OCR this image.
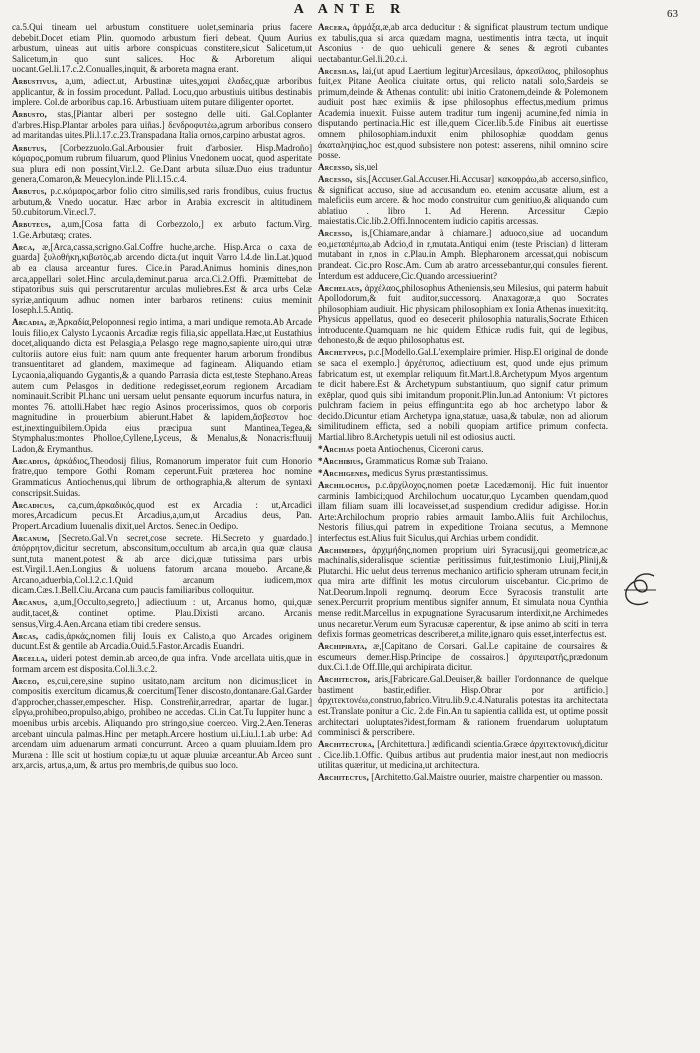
A ANTE R	63

ca.5.Qui tineam uel arbustum constituere uolet,seminaria prius facere debebit.Docet etiam Plin. quomodo arbustum fieri debeat. Quum Aurius arbustum, uineas aut uitis arbore conspicuas constitere,sicut Salicetum,ut Salicetum,in quo sunt salices. Hoc & Arboretum aliqui uocant.Gel.li.17.c.2.Conualles,inquit, & arboreta magna erant.

Arbustivus, a,um, adiect.ut, Arbustinæ uites,χαμαὶ ἑλαδες,quæ arboribus applicantur, & in fossim procedunt. Pallad. Locu,quo arbustiuis uitibus destinabis implere. Col.de arboribus cap.16. Arbustiuam uitem putare diligenter oportet.

Arbusto, stas,[Piantar alberi per sostegno delle uiti. Gal.Coplanter d'arbres.Hisp.Plantar arboles para uiñas.] δενδροφυτέω,agrum arboribus consero ad maritandas uites.Pli.l.17.c.23.Transpadana Italia ornos,carpino arbustat agros.

Arbutus, [Corbezzuolo.Gal.Arbousier fruit d'arbosier. Hisp.Madroño] κόμαρος,pomum rubrum filuarum, quod Plinius Vnedonem uocat, quod asperitate sua plura edi non possint,Vir.l.2. Ge.Dant arbuta siluæ.Duo eius traduntur genera,Comaron,& Meuecylon.inde Pli.l.15.c.4.

Arbutus, p.c.κόμαρος,arbor folio citro similis,sed raris frondibus, cuius fructus arbutum,& Vnedo uocatur. Hæc arbor in Arabia excrescit in altitudinem 50.cubitorum.Vir.ecl.7.

Arbuteus, a,um,[Cosa fatta di Corbezzolo,] ex arbuto factum.Virg. 1.Ge.Arbutæq; crates.

Arca, æ,[Arca,cassa,scrigno.Gal.Coffre huche,arche. Hisp.Arca o caxa de guarda] ξυλοθήκη,κιβωτὸς,ab arcendo dicta.(ut inquit Varro l.4.de lin.Lat.)quod ab ea clausa arceantur fures. Cice.in Parad.Animus hominis dines,non arca,appellari solet.Hinc arcula,deminut.parua arca.Ci.2.Offi. Præmittebat de stipatoribus suis qui perscrutarentur arculas muliebres.Est & arca urbs Celæ syriæ,antiquum adhuc nomen inter barbaros retinens: cuius meminit Ioseph.l.5.Antiq.

Arcadia, æ,Ἀρκαδία,Peloponnesi regio intima, a mari undique remota.Ab Arcade Iouis filio,ex Calysto Lycaonis Arcadiæ regis filia,sic appellata.Hæc,ut Eustathius docet,aliquando dicta est Pelasgia,a Pelasgo rege magno,sapiente uiro,qui utræ cultoriis autore eius fuit: nam quum ante frequenter harum arborum frondibus transuentitaret ad glandem, maximeque ad fagineam. Aliquando etiam Lycaonia,aliquando Gygantis,& a quando Parrasia dicta est,teste Stephano.Areas autem cum Pelasgos in deditione redegisset,eorum regionem Arcadiam nominauit.Scribit Pl.hanc uni uersam uelut pensante equorum incurfus natura, in montes 76. attolli.Habet hæc regio Asinos procerissimos, quos ob corporis magnitudine in prouerbium abierunt.Habet & lapidem,ἄσβεστον hoc est,inextinguibilem.Opida eius præcipua sunt Mantinea,Tegea,& Stymphalus:montes Pholloe,Cyllene,Lyceus, & Menalus,& Nonacris:fluuij Ladon,& Erymanthus.

Arcadius, ἀρκάδιος,Theodosij filius, Romanorum imperator fuit cum Honorio fratre,quo tempore Gothi Romam ceperunt.Fuit præterea hoc nomine Grammaticus Antiochenus,qui librum de orthographia,& alterum de syntaxi conscripsit.Suidas.

Arcadicus, ca,cum,ἀρκαδικός,quod est ex Arcadia : ut,Arcadici mores,Arcadicum pecus.Et Arcadius,a,um,ut Arcadius deus, Pan. Propert.Arcadium Iuuenalis dixit,uel Arctos. Senec.in Oedipo.

Arcanum, [Secreto.Gal.Vn secret,cose secrete. Hi.Secreto y guardado.] ἀπόρρητον,dicitur secretum, absconsitum,occultum ab arca,in qua quæ clausa sunt,tuta manent.potest & ab arce dici,quæ tutissima pars urbis est.Virgil.1.Aen.Longius & uoluens fatorum arcana mouebo. Arcane,& Arcano,aduerbia,Col.l.2.c.1.Quid arcanum iudicem,mox dicam.Cæs.1.Bell.Ciu.Arcana cum paucis familiaribus colloquitur.

Arcanus, a,um,[Occulto,segreto,] adiectiuum : ut, Arcanus homo, qui,quæ audit,tacet,& continet optime. Plau.Dixisti arcano. Arcanis sensus,Virg.4.Aen.Arcana etiam tibi credere sensus.

Arcas, cadis,ἀρκάς,nomen filij Iouis ex Calisto,a quo Arcades originem ducunt.Est & gentile ab Arcadia.Ouid.5.Fastor.Arcadis Euandri.

Arcella, uideri potest demin.ab arceo,de qua infra. Vnde arcellata uitis,quæ in formam arcem est disposita.Col.li.3.c.2.

Arceo, es,cui,cere,sine supino usitato,nam arcitum non dicimus;licet in compositis exercitum dicamus,& coercitum[Tener discosto,dontanare.Gal.Garder d'approcher,chasser,empescher. Hisp. Constreñir,arredrar, apartar de lugar.] εἴργω,prohibeo,propulso,abigo, prohibeo ne accedas. Ci.in Cat.Tu Iuppiter hunc a moenibus urbis arcebis. Aliquando pro stringo,siue coerceo. Virg.2.Aen.Teneras arcebant uincula palmas.Hinc per metaph.Arcere hostium ui.Liu.l.1.ab urbe: Ad arcendam uim aduenarum armati concurrunt. Arceo a quam pluuiam.Idem pro Muræna : Ille scit ut hostium copiæ,tu ut aquæ pluuiæ arceantur.Ab Arceo sunt arx,arcis, artus,a,um, & artus pro membris,de quibus suo loco.

Arcera, ἁρμάξα,æ,ab arca deducitur : & significat plaustrum tectum undique ex tabulis,qua si arca quædam magna, uestimentis intra tæcta, ut inquit Asconius · de quo uehiculi genere & senes & ægroti cubantes uectabantur.Gel.li.20.c.i.

Arcesilas, lai,(ut apud Laertium legitur)Arcesilaus, ἀρκεσίλαος, philosophus fuit,ex Pitane Aeolica ciuitate ortus, qui relicto natali solo,Sardeis se primum,deinde & Athenas contulit: ubi initio Cratonem,deinde & Polemonem audiuit post hæc eximiis & ipse philosophus effectus,medium primus Academia inuexit. Fuisse autem traditur tum ingenij acumine,fed nimia in disputando pertinacia.Hic est ille,quem Cicer.lib.5.de Finibus ait euertisse omnem philosophiam.induxit enim philosophiæ quoddam genus ἀκαταληψίας,hoc est,quod subsistere non potest: asserens, nihil omnino scire posse.

Arcesso, sis,uel

Arcesso, sis,[Accuser.Gal.Accuser.Hi.Accusar] κακοφράω,ab accerso,sinfico, & significat accuso, siue ad accusandum eo. etenim accusatæ alium, est a maleficiis eum arcere. & hoc modo construitur cum genitiuo,& aliquando cum ablatiuo . libro 1. Ad Herenn. Arcessitur Cæpio maiestatis.Cic.lib.2.Offi.Innocentem iudicio capitis arcessas.

Arcesso, is,[Chiamare,andar à chiamare.] aduoco,siue ad uocandum eo,μεταπέμπω,ab Adcio,d in r,mutata.Antiqui enim (teste Priscian) d litteram mutabant in r,nos in c.Plau.in Amph. Blepharonem arcessat,qui nobiscum prandeat. Cic.pro Rosc.Am. Cum ab aratro arcessebantur,qui consules fierent. Interdum est adducere,Cic.Quando arcessiuerint?

Archelaus, ἀρχέλαος,philosophus Atheniensis,seu Milesius, qui paterm habuit Apollodorum,& fuit auditor,successorq. Anaxagoræ,a quo Socrates philosophiam audiuit. Hic physicam philosophiam ex Ionia Athenas inuexit:itq. Physicus appellatus, quod eo desecerit philosophia naturalis,Socrate Ethicen introducente.Quamquam ne hic quidem Ethicæ rudis fuit, qui de legibus, dehonesto,& de æquo philosophatus est.

Archetypus, p.c.[Modello.Gal.L'exemplaire primier. Hisp.El original de donde se saca el exemplo.] ἀρχέτυπος, adiectiuum est, quod unde ejus primum fabricatum est, ut exemplar reliquum fit.Mart.l.8.Archetypum Myos argentum te dicit habere.Est & Archetypum substantiuum, quo signif catur primum exēplar, quod quis sibi imitandum proponit.Plin.Iun.ad Antonium: Vt pictores pulchram faciem in peius effingunt:ita ego ab hoc archetypo labor & decido.Dicuntur etiam Archetypa igna,statuæ, uasa,& tabulæ, non ad aliorum similitudinem efficta, sed a nobili quopiam artifice primum confecta. Martial.libro 8.Archetypis uetuli nil est odiosius aucti.

*Archias poeta Antiochenus, Ciceroni carus.

*Archibius, Grammaticus Romæ sub Traiano.

*Archigenes, medicus Syrus præstantissimus.

Archilochus, p.c.ἀρχίλοχος,nomen poetæ Lacedæmonij. Hic fuit inuentor carminis Iambici;quod Archilochum uocatur,quo Lycamben quendam,quod illam filiam suam illi locaveisset,ad suspendium credidur adigisse. Hor.in Arte:Archilochum proprio rabies armauit Iambo.Aliis fuit Archilochus, Nestoris filius,qui patrem in expeditione Troiana secutus, a Memnone interfectus est.Alius fuit Siculus,qui Archias urbem condidit.

Archimedes, ἀρχιμήδης,nomen proprium uiri Syracusij,qui geometricæ,ac machinalis,sideralisque scientiæ peritissimus fuit,testimonio Liuij,Plinij,& Plutarchi. Hic uelut deus terrenus mechanico artificio spheram utrunam fecit,in qua mira arte diffinit les motus circulorum uiscebantur. Cic.primo de Nat.Deorum.Inpoli regnumq. deorum Ecce Syracosis transtulit arte senex.Percurrit proprium mentibus signifer annum, Et simulata noua Cynthia mense redit.Marcellus in expugnatione Syracusarum interdixit,ne Archimedes unus necaretur.Verum eum Syracusæ caperentur, & ipse animo ab sciti in terra defixis formas geometricas describeret,a milite,ignaro quis esset,interfectus est.

Archipirata, æ,[Capitano de Corsari. Gal.Le capitaine de coursaires & escumeurs demer.Hisp.Principe de cossairos.] ἀρχιπειρατῆς,prædonum dux.Ci.1.de Off.Ille,qui archipirata dicitur.

Architector, aris,[Fabricare.Gal.Deuiser,& bailler l'ordonnance de quelque bastiment bastir,edifier. Hisp.Obrar por artificio.] ἀρχιτεκτονέω,construo,fabrico.Vitru.lib.9.c.4.Naturalis potestas ita architectata est.Translate ponitur a Cic. 2.de Fin.An tu sapientia callida est, ut optime possit architectari uoluptates?idest,formam & rationem fruendarum uoluptatum comminisci & perscribere.

Architectura, [Architettura.] ædificandi scientia.Græce ἀρχιτεκτονική,dicitur . Cice.lib.1.Offic. Quibus artibus aut prudentia maior inest,aut non mediocris utilitas quæritur, ut medicina,ut architectura.

Architectus, [Architetto.Gal.Maistre ouurier, maistre charpentier ou masson.
